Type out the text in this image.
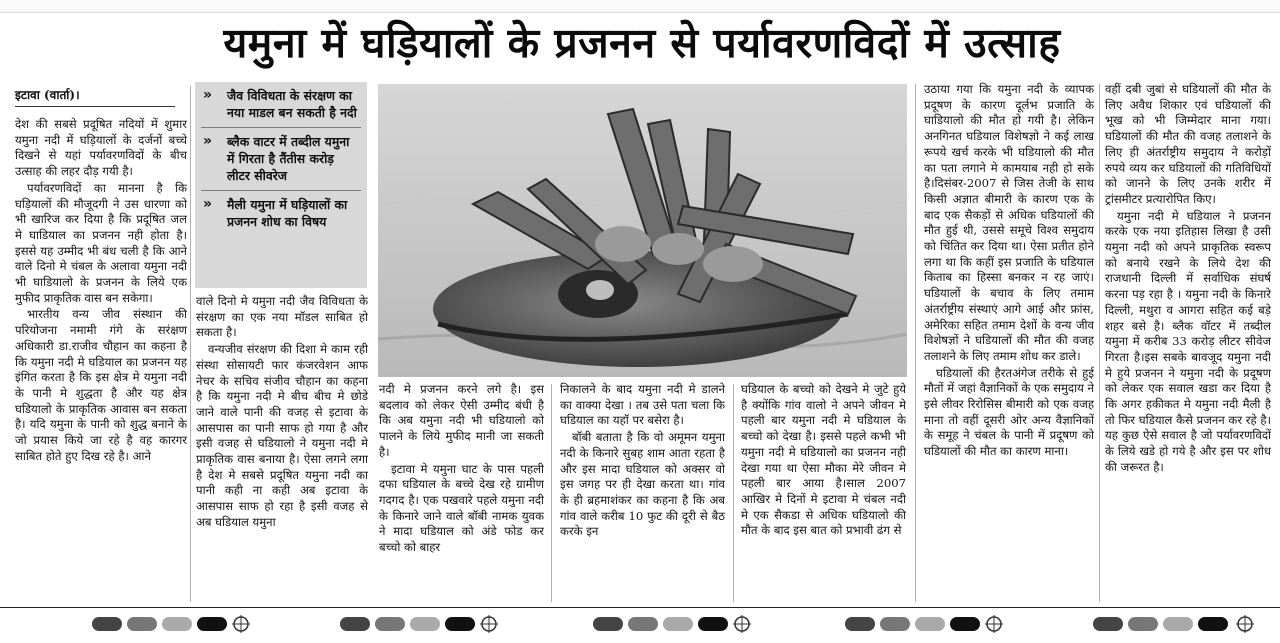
यमुना में घड़ियालों के प्रजनन से पर्यावरणविदों में उत्साह
इटावा (वार्ता)।

देश की सबसे प्रदूषित नदियों में शुमार यमुना नदी में घड़ियालों के दर्जनों बच्चे दिखने से यहां पर्यावरणविदों के बीच उत्साह की लहर दौड़ गयी है।

पर्यावरणविदों का मानना है कि घड़ियालों की मौजूदगी ने उस धारणा को भी खारिज कर दिया है कि प्रदूषित जल मे घाडियाल का प्रजनन नही होता है। इससे यह उम्मीद भी बंध चली है कि आने वाले दिनो मे चंबल के अलावा यमुना नदी भी घाडियालो के प्रजनन के लिये एक मुफीद प्राकृतिक वास बन सकेगा।

भारतीय वन्य जीव संस्थान की परियोजना नमामी गंगे के सरंक्षण अधिकारी डा.राजीव चौहान का कहना है कि यमुना नदी मे घडियाल का प्रजनन यह इंगित करता है कि इस क्षेत्र मे यमुना नदी के पानी मे शुद्धता है और यह क्षेत्र घडियालो के प्राकृतिक आवास बन सकता है। यदि यमुना के पानी को शुद्ध बनाने के जो प्रयास किये जा रहे है वह कारगर साबित होते हुए दिख रहे है। आने

» जैव विविधता के संरक्षण का नया माडल बन सकती है नदी
» ब्लैक वाटर में तब्दील यमुना में गिरता है तैंतीस करोड़ लीटर सीवरेज
» मैली यमुना में घड़ियालों का प्रजनन शोध का विषय

वाले दिनो मे यमुना नदी जैव विविधता के संरक्षण का एक नया मॉडल साबित हो सकता है।

वन्यजीव संरक्षण की दिशा मे काम रही संस्था सोसायटी फार कंजरवेशन आफ नेचर के सचिव संजीव चौहान का कहना है कि यमुना नदी मे बीच बीच मे छोडे जाने वाले पानी की वजह से इटावा के आसपास का पानी साफ हो गया है और इसी वजह से घडियालो ने यमुना नदी मे प्राकृतिक वास बनाया है। ऐसा लगने लगा है देश मे सबसे प्रदूषित यमुना नदी का पानी कही ना कही अब इटावा के आसपास साफ हो रहा है इसी वजह से अब घडियाल यमुना

नदी मे प्रजनन करने लगे है। इस बदलाव को लेकर ऐसी उम्मीद बंधी है कि अब यमुना नदी भी घडियालो को पालने के लिये मुफीद मानी जा सकती है।

इटावा मे यमुना घाट के पास पहली दफा घडियाल के बच्चे देख रहे ग्रामीण गदगद है। एक पखवारे पहले यमुना नदी के किनारे जाने वाले बॉबी नामक युवक ने मादा घडियाल को अंडे फोड कर बच्चो को बाहर

निकालने के बाद यमुना नदी मे डालने का वाक्या देखा । तब उसे पता चला कि घडियाल का यहॉ पर बसेरा है।

बॉबी बताता है कि वो अमूमन यमुना नदी के किनारे सुबह शाम आता रहता है और इस मादा घडियाल को अक्सर वो इस जगह पर ही देखा करता था। गांव के ही ब्रहमाशंकर का कहना है कि अब गांव वाले करीब 10 फुट की दूरी से बैठ करके इन

घडियाल के बच्चो को देखने मे जुटे हुये है क्योंकि गांव वालो ने अपने जीवन मे पहली बार यमुना नदी मे घडियाल के बच्चो को देखा है। इससे पहले कभी भी यमुना नदी मे घडियालो का प्रजनन नही देखा गया था ऐसा मौका मेरे जीवन मे पहली बार आया है।साल 2007 आखिर मे दिनों मे इटावा मे चंबल नदी मे एक सैकडा से अधिक घडियालो की मौत के बाद इस बात को प्रभावी ढंग से

उठाया गया कि यमुना नदी के व्यापक प्रदूषण के कारण दूर्लभ प्रजाति के घाडियालो की मौत हो गयी है। लेकिन अनगिनत घडियाल विशेषज्ञो ने कई लाख रूपये खर्च करके भी घडियालो की मौत का पता लगाने मे कामयाब नही हो सके है।दिसंबर-2007 से जिस तेजी के साथ किसी अज्ञात बीमारी के कारण एक के बाद एक सैकड़ों से अधिक घडियालों की मौत हुई थी, उससे समूचे विश्व समुदाय को चिंतित कर दिया था। ऐसा प्रतीत होने लगा था कि कहीं इस प्रजाति के घडियाल किताब का हिस्सा बनकर न रह जाएं। घडियालों के बचाव के लिए तमाम अंतर्राष्ट्रीय संस्थाएं आगे आई और फ्रांस, अमेरिका सहित तमाम देशों के वन्य जीव विशेषज्ञों ने घडियालों की मौत की वजह तलाशने के लिए तमाम शोध कर डाले।

घडियालों की हैरतअंगेज तरीके से हुई मौतों में जहां वैज्ञानिकों के एक समुदाय ने इसे लीवर रिरोसिस बीमारी को एक वजह माना तो वहीं दूसरी ओर अन्य वैज्ञानिकों के समूह ने चंबल के पानी में प्रदूषण को घडियालों की मौत का कारण माना।

वहीं दबी जुबां से घडियालों की मौत के लिए अवैध शिकार एवं घडियालों की भूख को भी जिम्मेदार माना गया। घडियालों की मौत की वजह तलाशने के लिए ही अंतर्राष्ट्रीय समुदाय ने करोड़ों रुपये व्यय कर घडियालों की गतिविधियों को जानने के लिए उनके शरीर में ट्रांसमीटर प्रत्यारोपित किए।

यमुना नदी मे घडियाल ने प्रजनन करके एक नया इतिहास लिखा है उसी यमुना नदी को अपने प्राकृतिक स्वरूप को बनाये रखने के लिये देश की राजधानी दिल्ली में सर्वाधिक संघर्ष करना पड़ रहा है । यमुना नदी के किनारे दिल्ली, मथुरा व आगरा सहित कई बड़े शहर बसे है। ब्लैक वॉटर में तब्दील यमुना में करीब 33 करोड़ लीटर सीवेज गिरता है।इस सबके बावजूद यमुना नदी मे हुये प्रजनन ने यमुना नदी के प्रदूषण को लेकर एक सवाल खडा कर दिया है कि अगर हकीकत मे यमुना नदी मैली है तो फिर घडियाल कैसे प्रजनन कर रहे है। यह कुछ ऐसे सवाल है जो पर्यावरणविदों के लिये खडे हो गये है और इस पर शोध की जरूरत है।
